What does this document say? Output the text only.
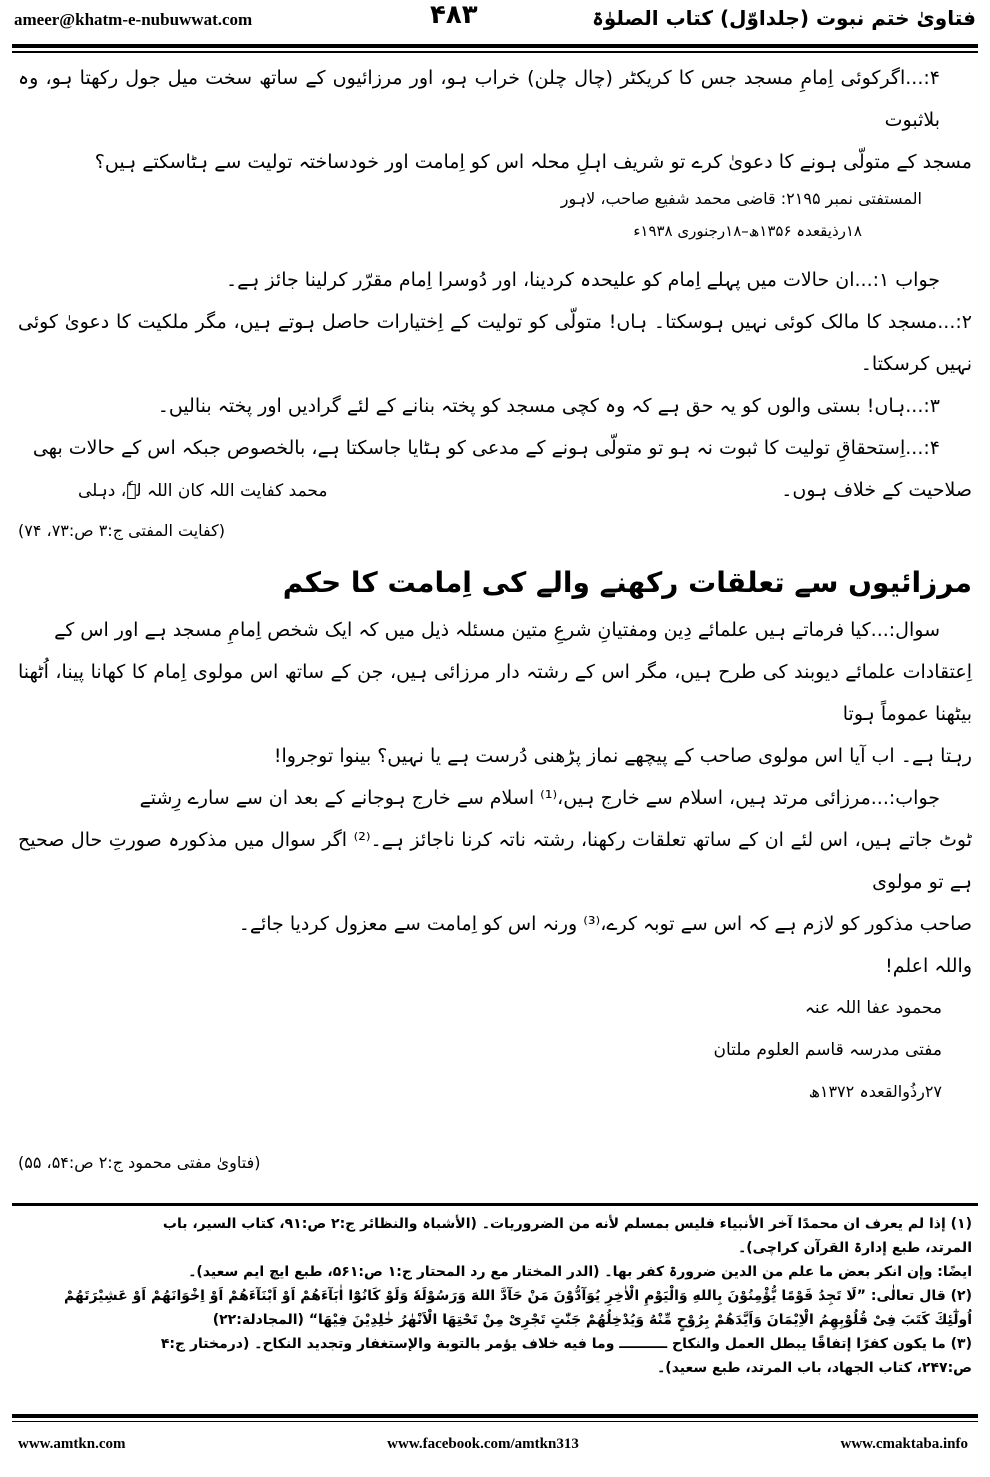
ameer@khatm-e-nubuwwat.com	۴۸۳	فتاویٰ ختم نبوت (جلداوّل) کتاب الصلوٰۃ
۴:...اگرکوئی اِمامِ مسجد جس کا کریکٹر (چال چلن) خراب ہو، اور مرزائیوں کے ساتھ سخت میل جول رکھتا ہو، وہ بلاثبوت
مسجد کے متولّی ہونے کا دعویٰ کرے تو شریف اہلِ محلہ اس کو اِمامت اور خودساختہ تولیت سے ہٹاسکتے ہیں؟
المستفتی نمبر ۲۱۹۵: قاضی محمد شفیع صاحب، لاہور
۱۸رذیقعدہ ۱۳۵۶ھ–۱۸رجنوری ۱۹۳۸ء
جواب ۱:...ان حالات میں پہلے اِمام کو علیحدہ کردینا، اور دُوسرا اِمام مقرّر کرلینا جائز ہے۔
۲:...مسجد کا مالک کوئی نہیں ہوسکتا۔ ہاں! متولّی کو تولیت کے اِختیارات حاصل ہوتے ہیں، مگر ملکیت کا دعویٰ کوئی نہیں کرسکتا۔
۳:...ہاں! بستی والوں کو یہ حق ہے کہ وہ کچی مسجد کو پختہ بنانے کے لئے گرادیں اور پختہ بنالیں۔
۴:...اِستحقاقِ تولیت کا ثبوت نہ ہو تو متولّی ہونے کے مدعی کو ہٹایا جاسکتا ہے، بالخصوص جبکہ اس کے حالات بھی
صلاحیت کے خلاف ہوں۔
محمد کفایت اللہ کان اللہ لہٗ، دہلی
(کفایت المفتی ج:۳ ص:۷۳، ۷۴)
مرزائیوں سے تعلقات رکھنے والے کی اِمامت کا حکم
سوال:...کیا فرماتے ہیں علمائے دِین ومفتیانِ شرعِ متین مسئلہ ذیل میں کہ ایک شخص اِمامِ مسجد ہے اور اس کے
اِعتقادات علمائے دیوبند کی طرح ہیں، مگر اس کے رشتہ دار مرزائی ہیں، جن کے ساتھ اس مولوی اِمام کا کھانا پینا، اُٹھنا بیٹھنا عموماً ہوتا
رہتا ہے۔ اب آیا اس مولوی صاحب کے پیچھے نماز پڑھنی دُرست ہے یا نہیں؟ بینوا توجروا!
جواب:...مرزائی مرتد ہیں، اسلام سے خارج ہیں،⁽¹⁾ اسلام سے خارج ہوجانے کے بعد ان سے سارے رِشتے
ٹوٹ جاتے ہیں، اس لئے ان کے ساتھ تعلقات رکھنا، رشتہ ناتہ کرنا ناجائز ہے۔⁽²⁾ اگر سوال میں مذکورہ صورتِ حال صحیح ہے تو مولوی
صاحب مذکور کو لازم ہے کہ اس سے توبہ کرے،⁽³⁾ ورنہ اس کو اِمامت سے معزول کردیا جائے۔
واللہ اعلم!
محمود عفا اللہ عنہ
مفتی مدرسہ قاسم العلوم ملتان
۲۷رذُوالقعدہ ۱۳۷۲ھ
(فتاویٰ مفتی محمود ج:۲ ص:۵۴، ۵۵)
(۱) إذا لم یعرف ان محمدًا آخر الأنبیاء فلیس بمسلم لأنه من الضروریات۔ (الأشباہ والنظائر ج:۲ ص:۹۱، کتاب السیر، باب
المرتد، طبع إدارۃ القرآن کراچی)۔
ایضًا: وإن انکر بعض ما علم من الدین ضرورۃ کفر بها۔ (الدر المختار مع رد المحتار ج:۱ ص:۵۶۱، طبع ایچ ایم سعید)۔
(۲) قال تعالٰی: ”لَا تَجِدُ قَوْمًا یُّؤْمِنُوْنَ بِاللهِ وَالْیَوْمِ الْاٰخِرِ یُوَآدُّوْنَ مَنْ حَآدَّ اللهَ وَرَسُوْلَهٗ وَلَوْ كَانُوْٓا اٰبَآءَهُمْ اَوْ اَبْنَآءَهُمْ اَوْ اِخْوَانَهُمْ اَوْ عَشِیْرَتَهُمْ
اُولٰٓئِكَ كَتَبَ فِیْ قُلُوْبِهِمُ الْاِیْمَانَ وَاَیَّدَهُمْ بِرُوْحٍ مِّنْهُ وَیُدْخِلُهُمْ جَنّٰتٍ تَجْرِیْ مِنْ تَحْتِهَا الْاَنْهٰرُ خٰلِدِیْنَ فِیْهَا“ (المجادلة:۲۲)
(۳) ما یکون کفرًا إتفاقًا یبطل العمل والنکاح ــــــــــ وما فیه خلاف یؤمر بالتوبة والإستغفار وتجدید النکاح۔ (درمختار ج:۴
ص:۲۴۷، کتاب الجهاد، باب المرتد، طبع سعید)۔
www.amtkn.com	www.facebook.com/amtkn313	www.cmaktaba.info
